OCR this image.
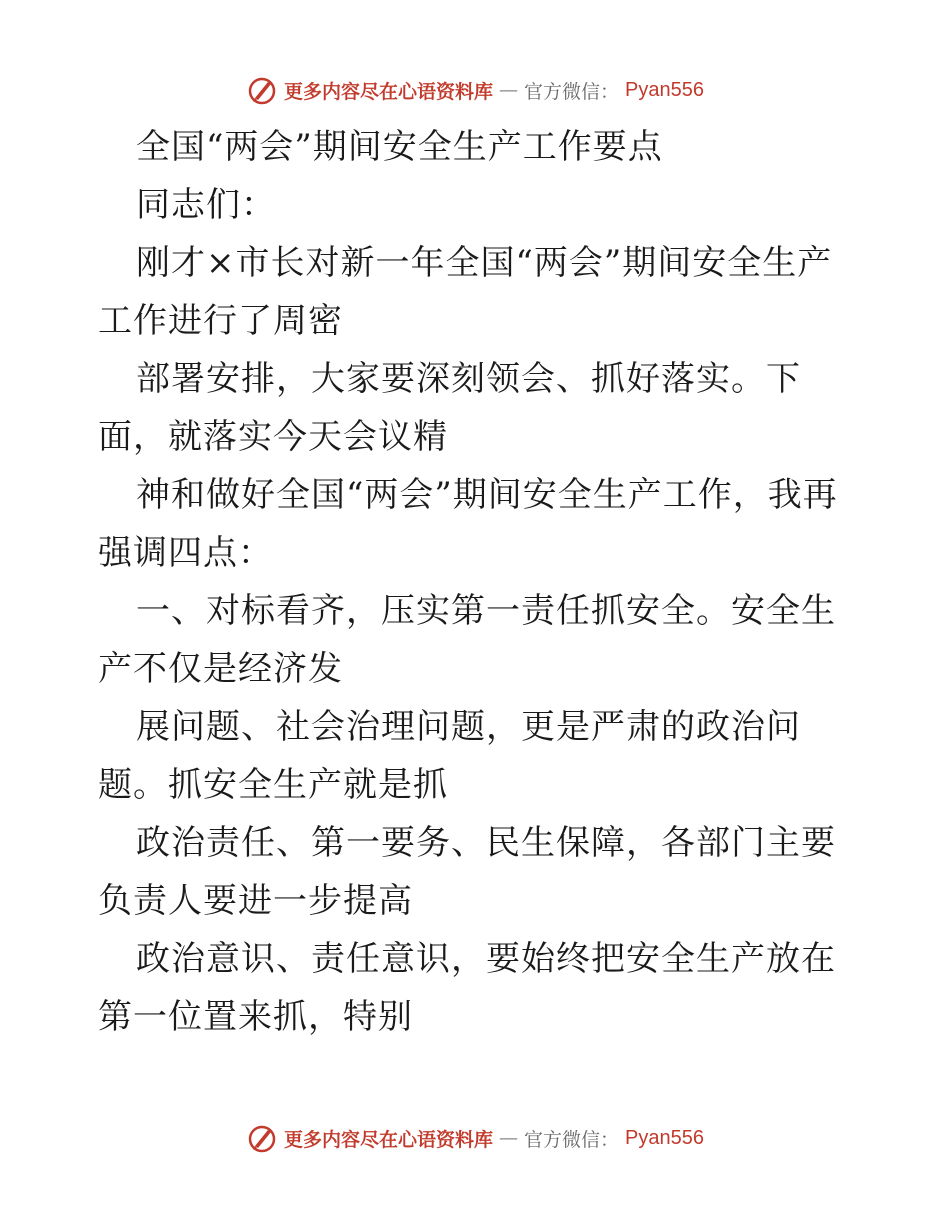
更多内容尽在心语资料库 — 官方微信： Pyan556

全国“两会”期间安全生产工作要点

同志们：

刚才×市长对新一年全国“两会”期间安全生产工作进行了周密

部署安排，大家要深刻领会、抓好落实。下面，就落实今天会议精

神和做好全国“两会”期间安全生产工作，我再强调四点：

一、对标看齐，压实第一责任抓安全。安全生产不仅是经济发

展问题、社会治理问题，更是严肃的政治问题。抓安全生产就是抓

政治责任、第一要务、民生保障，各部门主要负责人要进一步提高

政治意识、责任意识，要始终把安全生产放在第一位置来抓，特别

更多内容尽在心语资料库 — 官方微信： Pyan556
